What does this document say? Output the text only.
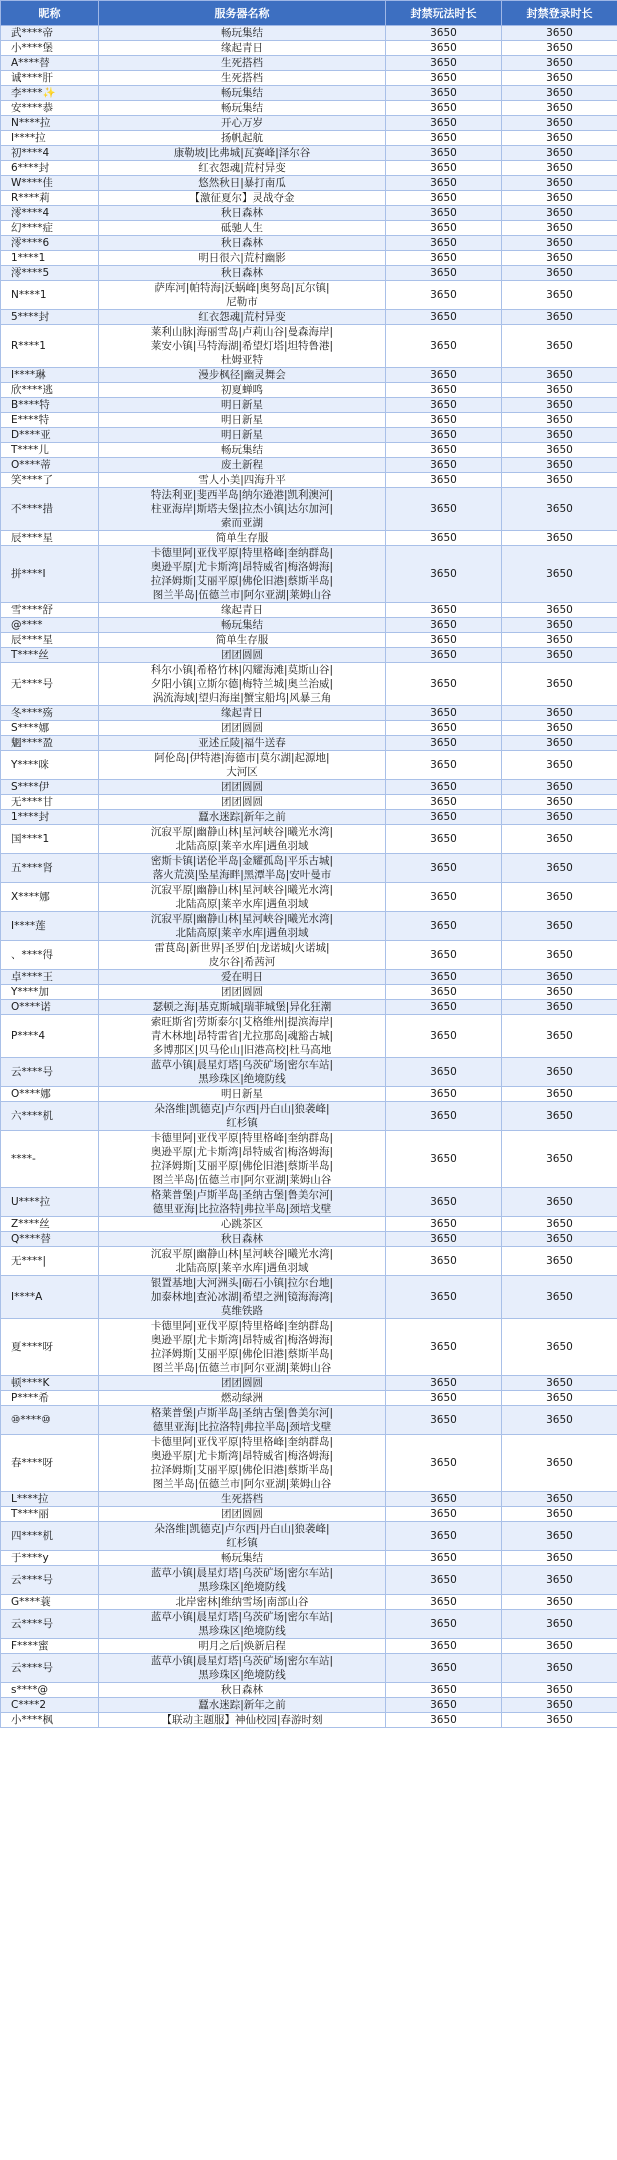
昵称	服务器名称	封禁玩法时长	封禁登录时长
武****帝	畅玩集结	3650	3650
小****堡	缘起青日	3650	3650
A****替	生死搭档	3650	3650
诚****肝	生死搭档	3650	3650
李****✨	畅玩集结	3650	3650
安****恭	畅玩集结	3650	3650
N****拉	开心万岁	3650	3650
I****拉	扬帆起航	3650	3650
初****4	康勒坡|比弗城|瓦赛峰|泽尔谷	3650	3650
6****封	红衣怨魂|荒村异变	3650	3650
W****佳	悠然秋日|暴打南瓜	3650	3650
R****莉	【激征夏尔】灵战夺金	3650	3650
澪****4	秋日森林	3650	3650
幻****症	砥驰人生	3650	3650
澪****6	秋日森林	3650	3650
1****1	明日很六|荒村幽影	3650	3650
澪****5	秋日森林	3650	3650
N****1	萨库河|帕特海|沃蜗峰|奥努岛|瓦尔镇|
尼勒市	3650	3650
5****封	红衣怨魂|荒村异变	3650	3650
R****1	莱利山脉|海丽雪岛|卢莉山谷|曼森海岸|
莱安小镇|马特海湖|希望灯塔|坦特鲁港|
杜姆亚特	3650	3650
I****琳	漫步枫径|幽灵舞会	3650	3650
欣****逃	初夏蝉鸣	3650	3650
B****特	明日新星	3650	3650
E****特	明日新星	3650	3650
D****亚	明日新星	3650	3650
T****儿	畅玩集结	3650	3650
O****蒂	废土新程	3650	3650
笑****了	雪人小美|四海升平	3650	3650
不****措	特法利亚|斐西半岛|纳尔逊港|凯利澳河|
柱亚海岸|斯塔夫堡|拉杰小镇|达尔加河|
索而亚湖	3650	3650
辰****星	简单生存服	3650	3650
拼****Ⅰ	卡德里阿|亚伐平原|特里格峰|奎纳群岛|
奥逊平原|尤卡斯湾|昂特威省|梅洛姆海|
拉泽姆斯|艾丽平原|佛伦旧港|蔡斯半岛|
图兰半岛|伍德兰市|阿尔亚湖|莱姆山谷	3650	3650
雪****舒	缘起青日	3650	3650
@****	畅玩集结	3650	3650
辰****星	简单生存服	3650	3650
T****丝	团团圆圆	3650	3650
无****号	科尔小镇|希格竹林|闪耀海滩|莫斯山谷|
夕阳小镇|立斯尔德|梅特兰城|奥兰治威|
涡流海域|望归海崖|蟹宝船坞|风暴三角	3650	3650
冬****殇	缘起青日	3650	3650
S****娜	团团圆圆	3650	3650
魍****盈	亚述丘陵|福牛送春	3650	3650
Y****咪	阿伦岛|伊特港|海德市|莫尔湖|起源地|
大河区	3650	3650
S****伊	团团圆圆	3650	3650
无****甘	团团圆圆	3650	3650
1****封	蠶水迷踪|新年之前	3650	3650
国****1	沉寂平原|幽静山林|星河峡谷|曦光水湾|
北陆高原|莱辛水库|遇鱼羽域	3650	3650
五****肾	密斯卡镇|诺伦半岛|金耀孤岛|平乐古城|
落火荒漠|坠星海畔|黑潭半岛|安叶曼市	3650	3650
X****娜	沉寂平原|幽静山林|星河峡谷|曦光水湾|
北陆高原|莱辛水库|遇鱼羽域	3650	3650
I****莲	沉寂平原|幽静山林|星河峡谷|曦光水湾|
北陆高原|莱辛水库|遇鱼羽域	3650	3650
、****得	雷茛岛|新世界|圣罗伯|龙诺城|火诺城|
皮尔谷|希茜河	3650	3650
卓****王	爱在明日	3650	3650
Y****加	团团圆圆	3650	3650
O****诺	瑟顿之海|基克斯城|瑞菲城堡|异化狂潮	3650	3650
P****4	索旺斯省|劳斯泰尔|艾格维州|提滨海岸|
青木林地|昂特雷省|尤拉那岛|魂豁古城|
多博那区|贝马伦山|旧港高校|杜马高地	3650	3650
云****号	蓝草小镇|晨星灯塔|乌茨矿场|密尔车站|
黑珍珠区|绝境防线	3650	3650
O****娜	明日新星	3650	3650
六****机	朵洛维|凯德克|卢尔西|丹白山|狼袭峰|
红杉镇	3650	3650
****-	卡德里阿|亚伐平原|特里格峰|奎纳群岛|
奥逊平原|尤卡斯湾|昂特威省|梅洛姆海|
拉泽姆斯|艾丽平原|佛伦旧港|蔡斯半岛|
图兰半岛|伍德兰市|阿尔亚湖|莱姆山谷	3650	3650
U****拉	格莱普堡|卢斯半岛|圣纳古堡|鲁美尔河|
德里亚海|比拉洛特|弗拉半岛|颈培戈壁	3650	3650
Z****丝	心跳茶区	3650	3650
Q****替	秋日森林	3650	3650
无****|	沉寂平原|幽静山林|星河峡谷|曦光水湾|
北陆高原|莱辛水库|遇鱼羽域	3650	3650
I****A	银置基地|大河洲头|砺石小镇|拉尔台地|
加泰林地|查沁冰湖|希望之洲|镜海海湾|
莫维铁路	3650	3650
夏****呀	卡德里阿|亚伐平原|特里格峰|奎纳群岛|
奥逊平原|尤卡斯湾|昂特威省|梅洛姆海|
拉泽姆斯|艾丽平原|佛伦旧港|蔡斯半岛|
图兰半岛|伍德兰市|阿尔亚湖|莱姆山谷	3650	3650
顿****K	团团圆圆	3650	3650
P****希	燃动绿洲	3650	3650
⑩****⑩	格莱普堡|卢斯半岛|圣纳古堡|鲁美尔河|
德里亚海|比拉洛特|弗拉半岛|颈培戈壁	3650	3650
春****呀	卡德里阿|亚伐平原|特里格峰|奎纳群岛|
奥逊平原|尤卡斯湾|昂特威省|梅洛姆海|
拉泽姆斯|艾丽平原|佛伦旧港|蔡斯半岛|
图兰半岛|伍德兰市|阿尔亚湖|莱姆山谷	3650	3650
L****拉	生死搭档	3650	3650
T****丽	团团圆圆	3650	3650
四****机	朵洛维|凯德克|卢尔西|丹白山|狼袭峰|
红杉镇	3650	3650
于****y	畅玩集结	3650	3650
云****号	蓝草小镇|晨星灯塔|乌茨矿场|密尔车站|
黑珍珠区|绝境防线	3650	3650
G****蓑	北岸密林|维纳雪场|南部山谷	3650	3650
云****号	蓝草小镇|晨星灯塔|乌茨矿场|密尔车站|
黑珍珠区|绝境防线	3650	3650
F****蜜	明月之后|焕新启程	3650	3650
云****号	蓝草小镇|晨星灯塔|乌茨矿场|密尔车站|
黑珍珠区|绝境防线	3650	3650
s****@	秋日森林	3650	3650
C****2	蠶水迷踪|新年之前	3650	3650
小****枫	【联动主题服】神仙校园|春游时刻	3650	3650
